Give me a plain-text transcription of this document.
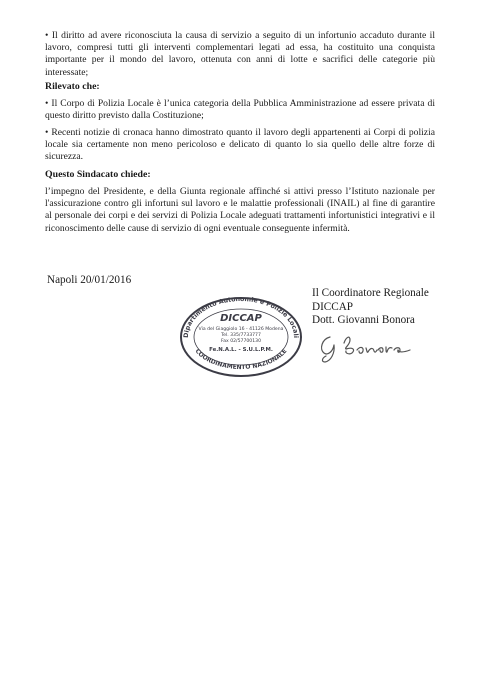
• Il diritto ad avere riconosciuta la causa di servizio a seguito di un infortunio accaduto durante il lavoro, compresi tutti gli interventi complementari legati ad essa, ha costituito una conquista importante per il mondo del lavoro, ottenuta con anni di lotte e sacrifici delle categorie più interessate;

Rilevato che:

• Il Corpo di Polizia Locale è l’unica categoria della Pubblica Amministrazione ad essere privata di questo diritto previsto dalla Costituzione;

• Recenti notizie di cronaca hanno dimostrato quanto il lavoro degli appartenenti ai Corpi di polizia locale sia certamente non meno pericoloso e delicato di quanto lo sia quello delle altre forze di sicurezza.

Questo Sindacato chiede:

l’impegno del Presidente, e della Giunta regionale affinché si attivi presso l’Istituto nazionale per l'assicurazione contro gli infortuni sul lavoro e le malattie professionali (INAIL) al fine di garantire al personale dei corpi e dei servizi di Polizia Locale adeguati trattamenti infortunistici integrativi e il riconoscimento delle cause di servizio di ogni eventuale conseguente infermità.

Napoli 20/01/2016

Il Coordinatore Regionale
DICCAP
Dott. Giovanni Bonora
Dipartimento Autonomie e Polizie Locali
DICCAP
Via del Giaggiolo 16 - 41126 Modena
Tel. 335/7733777
Fax 02/57700130
Fe.N.A.L. - S.U.L.P.M.
COORDINAMENTO NAZIONALE
